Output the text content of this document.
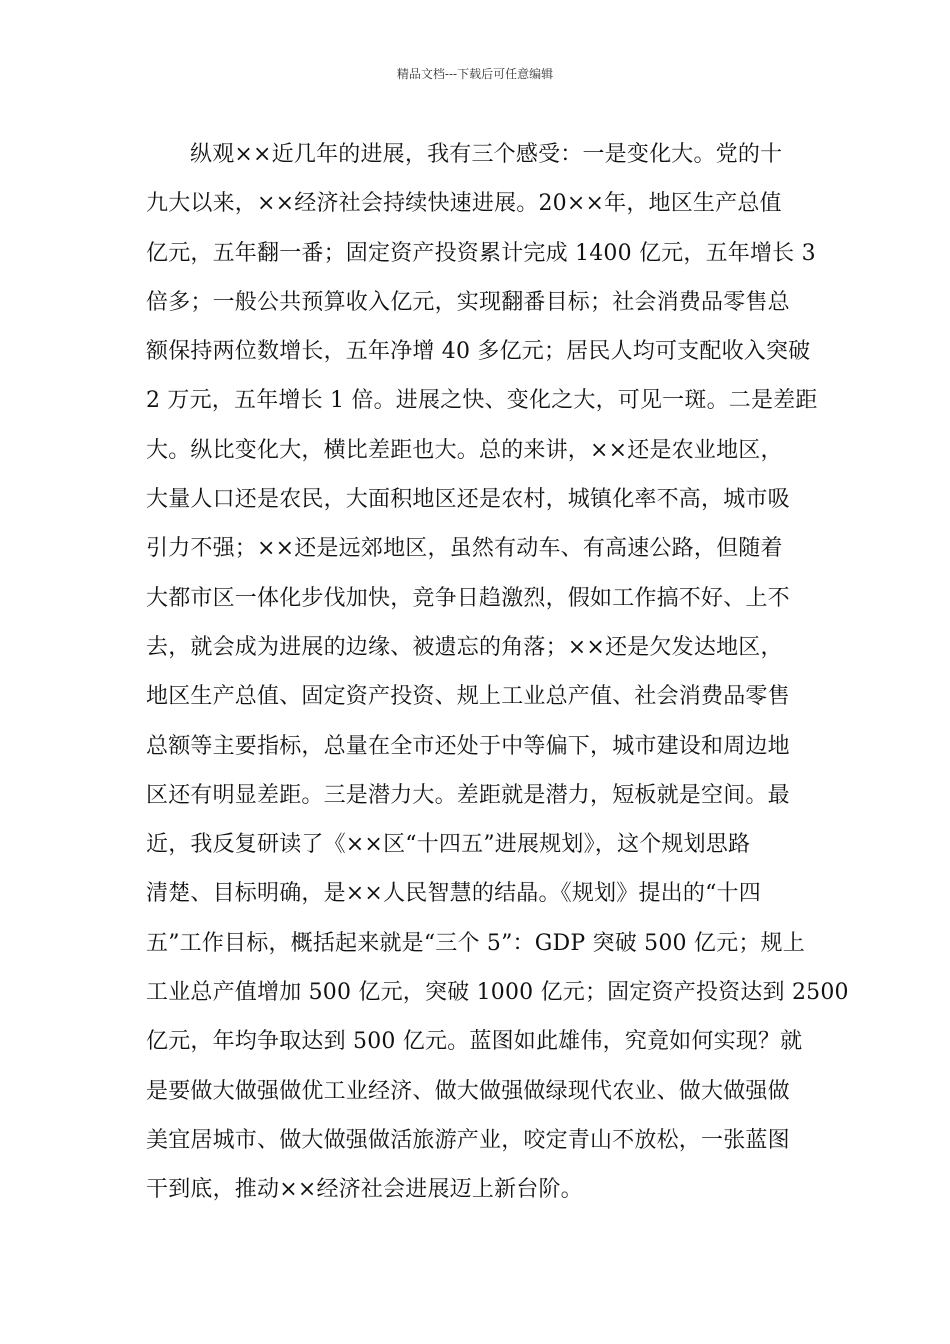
精品文档---下载后可任意编辑
纵观××近几年的进展，我有三个感受：一是变化大。党的十
九大以来，××经济社会持续快速进展。20××年，地区生产总值
亿元，五年翻一番；固定资产投资累计完成 1400 亿元，五年增长 3
倍多；一般公共预算收入亿元，实现翻番目标；社会消费品零售总
额保持两位数增长，五年净增 40 多亿元；居民人均可支配收入突破
2 万元，五年增长 1 倍。进展之快、变化之大，可见一斑。二是差距
大。纵比变化大，横比差距也大。总的来讲，××还是农业地区，
大量人口还是农民，大面积地区还是农村，城镇化率不高，城市吸
引力不强；××还是远郊地区，虽然有动车、有高速公路，但随着
大都市区一体化步伐加快，竞争日趋激烈，假如工作搞不好、上不
去，就会成为进展的边缘、被遗忘的角落；××还是欠发达地区，
地区生产总值、固定资产投资、规上工业总产值、社会消费品零售
总额等主要指标，总量在全市还处于中等偏下，城市建设和周边地
区还有明显差距。三是潜力大。差距就是潜力，短板就是空间。最
近，我反复研读了《××区“十四五”进展规划》，这个规划思路
清楚、目标明确，是××人民智慧的结晶。《规划》提出的“十四
五”工作目标，概括起来就是“三个 5”：GDP 突破 500 亿元；规上
工业总产值增加 500 亿元，突破 1000 亿元；固定资产投资达到 2500
亿元，年均争取达到 500 亿元。蓝图如此雄伟，究竟如何实现？就
是要做大做强做优工业经济、做大做强做绿现代农业、做大做强做
美宜居城市、做大做强做活旅游产业，咬定青山不放松，一张蓝图
干到底，推动××经济社会进展迈上新台阶。
